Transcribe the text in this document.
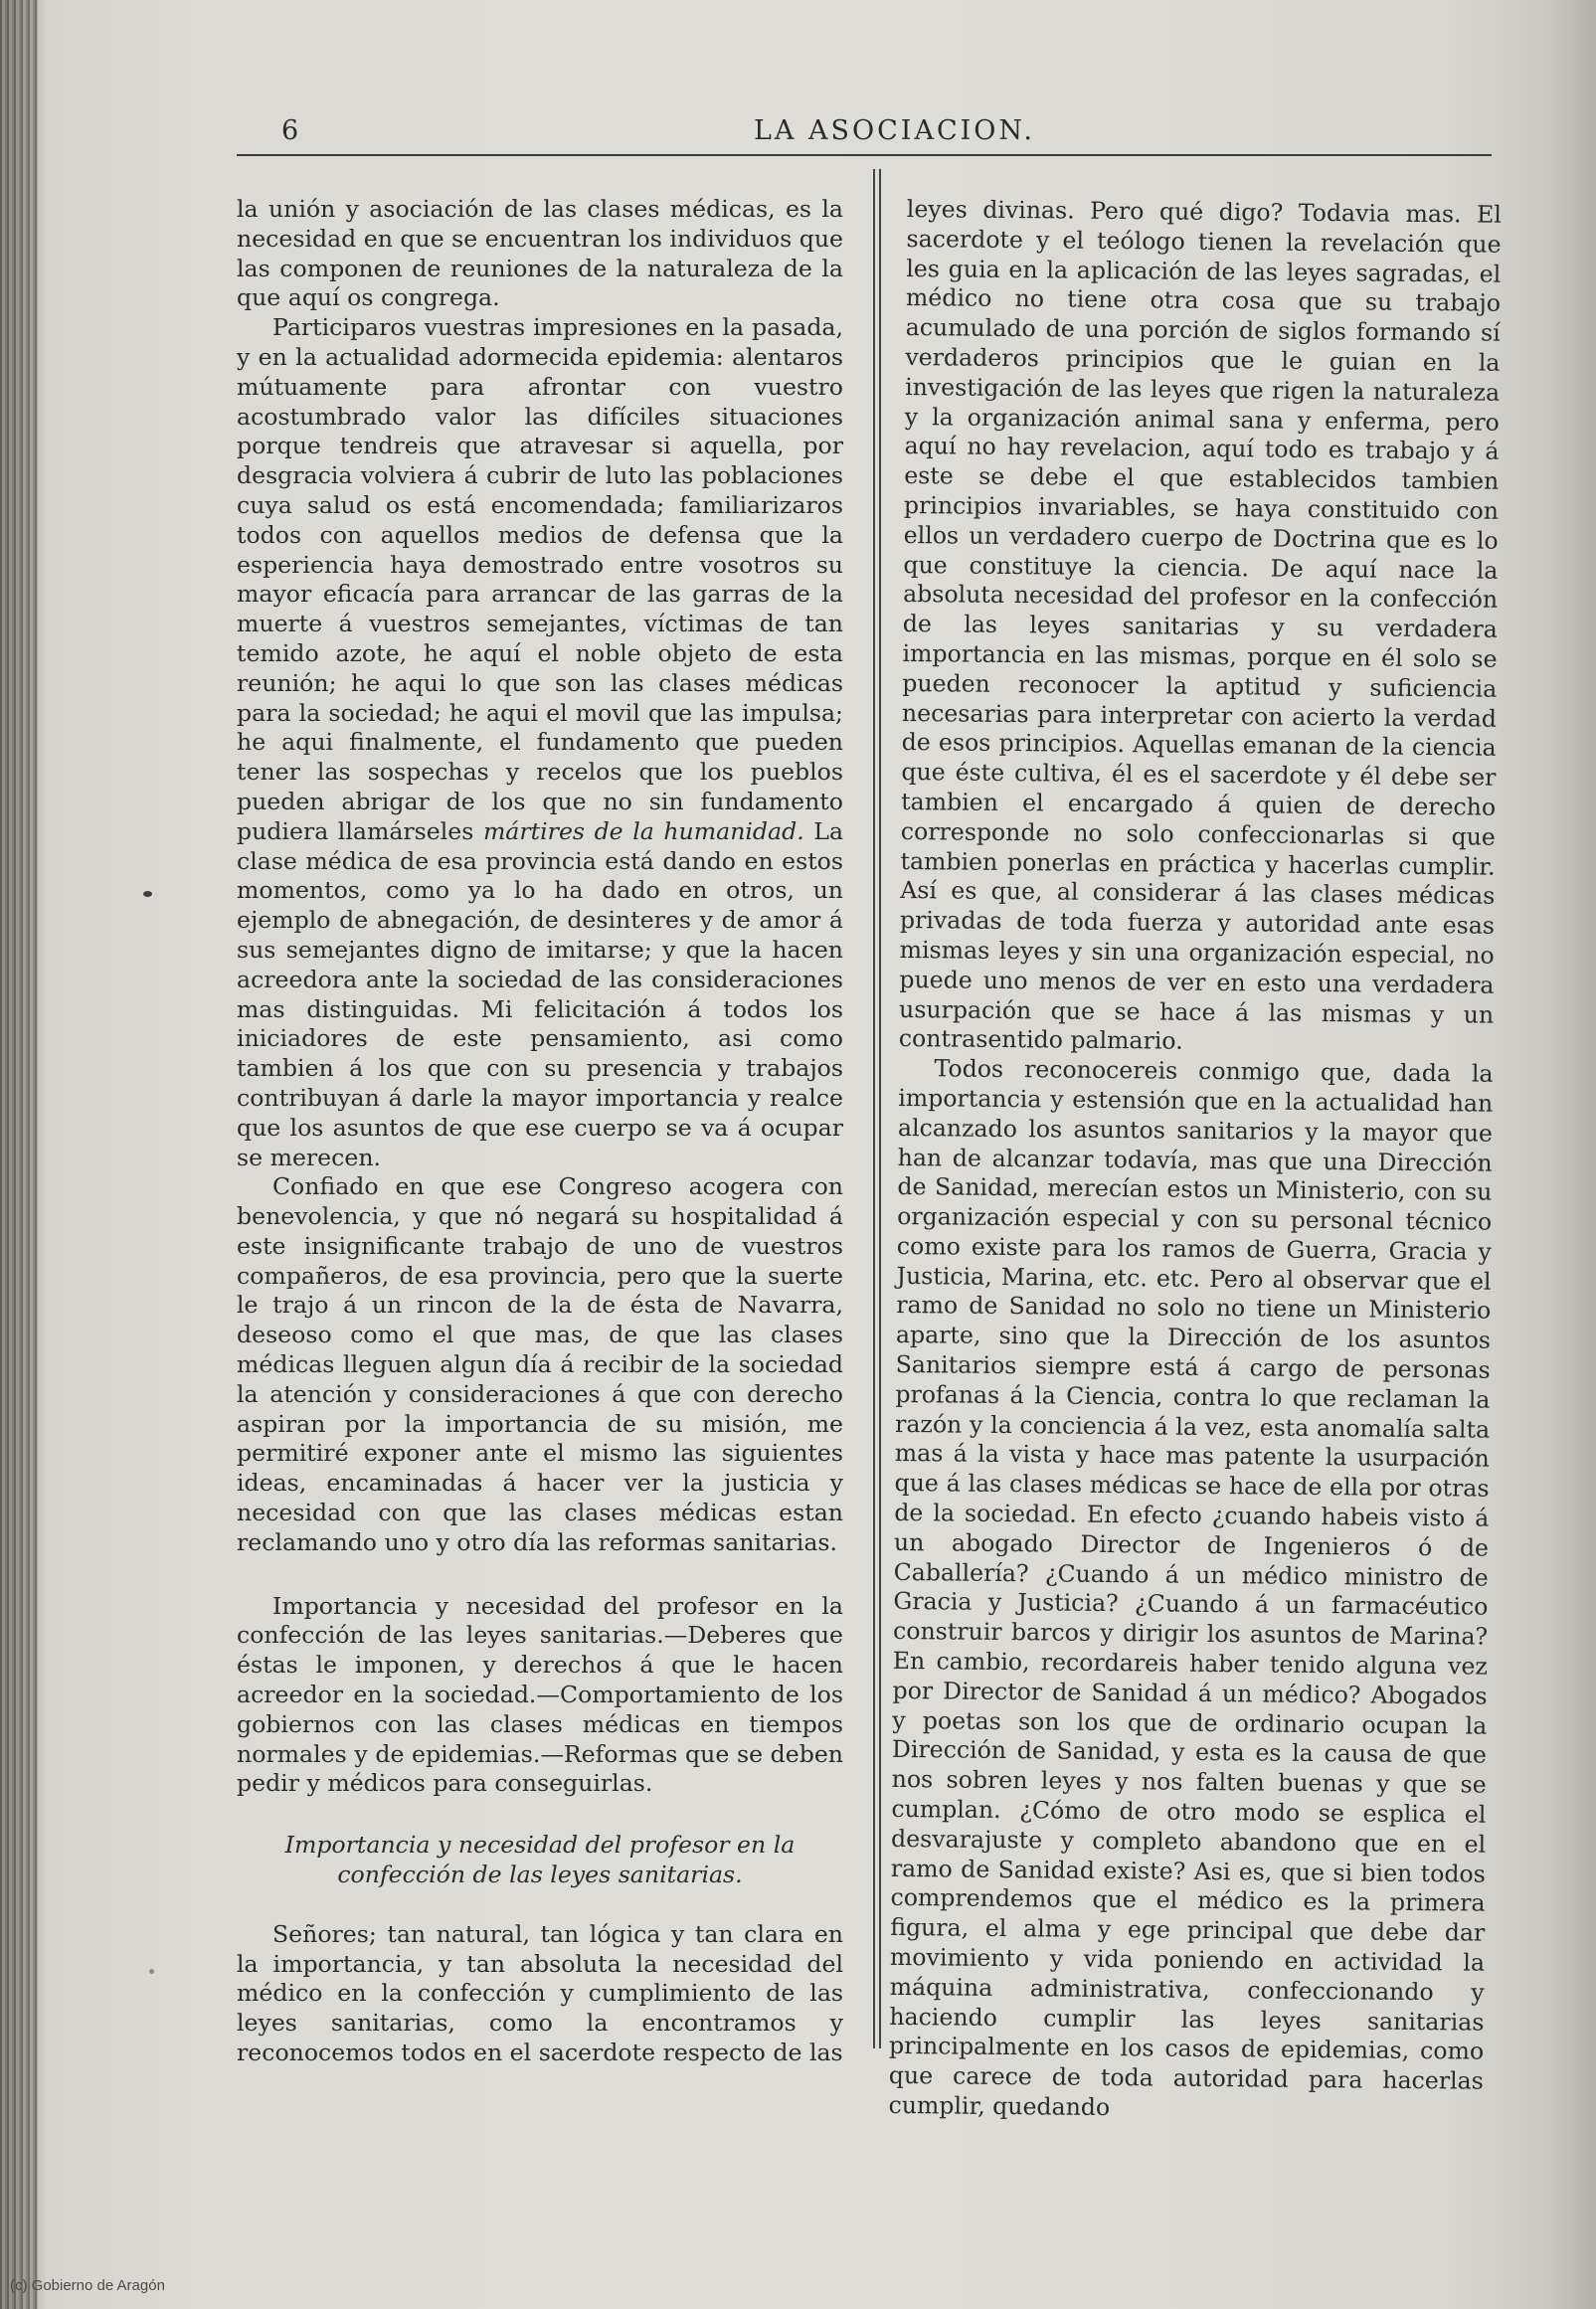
6	LA ASOCIACION.

la unión y asociación de las clases médicas, es la necesidad en que se encuentran los individuos que las componen de reuniones de la naturaleza de la que aquí os congrega.

Participaros vuestras impresiones en la pasada, y en la actualidad adormecida epidemia: alentaros mútuamente para afrontar con vuestro acostumbrado valor las difíciles situaciones porque tendreis que atravesar si aquella, por desgracia volviera á cubrir de luto las poblaciones cuya salud os está encomendada; familiarizaros todos con aquellos medios de defensa que la esperiencia haya demostrado entre vosotros su mayor eficacía para arrancar de las garras de la muerte á vuestros semejantes, víctimas de tan temido azote, he aquí el noble objeto de esta reunión; he aqui lo que son las clases médicas para la sociedad; he aqui el movil que las impulsa; he aqui finalmente, el fundamento que pueden tener las sospechas y recelos que los pueblos pueden abrigar de los que no sin fundamento pudiera llamárseles mártires de la humanidad. La clase médica de esa provincia está dando en estos momentos, como ya lo ha dado en otros, un ejemplo de abnegación, de desinteres y de amor á sus semejantes digno de imitarse; y que la hacen acreedora ante la sociedad de las consideraciones mas distinguidas. Mi felicitación á todos los iniciadores de este pensamiento, asi como tambien á los que con su presencia y trabajos contribuyan á darle la mayor importancia y realce que los asuntos de que ese cuerpo se va á ocupar se merecen.

Confiado en que ese Congreso acogera con benevolencia, y que nó negará su hospitalidad á este insignificante trabajo de uno de vuestros compañeros, de esa provincia, pero que la suerte le trajo á un rincon de la de ésta de Navarra, deseoso como el que mas, de que las clases médicas lleguen algun día á recibir de la sociedad la atención y consideraciones á que con derecho aspiran por la importancia de su misión, me permitiré exponer ante el mismo las siguientes ideas, encaminadas á hacer ver la justicia y necesidad con que las clases médicas estan reclamando uno y otro día las reformas sanitarias.

Importancia y necesidad del profesor en la confección de las leyes sanitarias.—Deberes que éstas le imponen, y derechos á que le hacen acreedor en la sociedad.—Comportamiento de los gobiernos con las clases médicas en tiempos normales y de epidemias.—Reformas que se deben pedir y médicos para conseguirlas.

Importancia y necesidad del profesor en la confección de las leyes sanitarias.

Señores; tan natural, tan lógica y tan clara en la importancia, y tan absoluta la necesidad del médico en la confección y cumplimiento de las leyes sanitarias, como la encontramos y reconocemos todos en el sacerdote respecto de las

leyes divinas. Pero qué digo? Todavia mas. El sacerdote y el teólogo tienen la revelación que les guia en la aplicación de las leyes sagradas, el médico no tiene otra cosa que su trabajo acumulado de una porción de siglos formando sí verdaderos principios que le guian en la investigación de las leyes que rigen la naturaleza y la organización animal sana y enferma, pero aquí no hay revelacion, aquí todo es trabajo y á este se debe el que establecidos tambien principios invariables, se haya constituido con ellos un verdadero cuerpo de Doctrina que es lo que constituye la ciencia. De aquí nace la absoluta necesidad del profesor en la confección de las leyes sanitarias y su verdadera importancia en las mismas, porque en él solo se pueden reconocer la aptitud y suficiencia necesarias para interpretar con acierto la verdad de esos principios. Aquellas emanan de la ciencia que éste cultiva, él es el sacerdote y él debe ser tambien el encargado á quien de derecho corresponde no solo confeccionarlas si que tambien ponerlas en práctica y hacerlas cumplir. Así es que, al considerar á las clases médicas privadas de toda fuerza y autoridad ante esas mismas leyes y sin una organización especial, no puede uno menos de ver en esto una verdadera usurpación que se hace á las mismas y un contrasentido palmario.

Todos reconocereis conmigo que, dada la importancia y estensión que en la actualidad han alcanzado los asuntos sanitarios y la mayor que han de alcanzar todavía, mas que una Dirección de Sanidad, merecían estos un Ministerio, con su organización especial y con su personal técnico como existe para los ramos de Guerra, Gracia y Justicia, Marina, etc. etc. Pero al observar que el ramo de Sanidad no solo no tiene un Ministerio aparte, sino que la Dirección de los asuntos Sanitarios siempre está á cargo de personas profanas á la Ciencia, contra lo que reclaman la razón y la conciencia á la vez, esta anomalía salta mas á la vista y hace mas patente la usurpación que á las clases médicas se hace de ella por otras de la sociedad. En efecto ¿cuando habeis visto á un abogado Director de Ingenieros ó de Caballería? ¿Cuando á un médico ministro de Gracia y Justicia? ¿Cuando á un farmacéutico construir barcos y dirigir los asuntos de Marina? En cambio, recordareis haber tenido alguna vez por Director de Sanidad á un médico? Abogados y poetas son los que de ordinario ocupan la Dirección de Sanidad, y esta es la causa de que nos sobren leyes y nos falten buenas y que se cumplan. ¿Cómo de otro modo se esplica el desvarajuste y completo abandono que en el ramo de Sanidad existe? Asi es, que si bien todos comprendemos que el médico es la primera figura, el alma y ege principal que debe dar movimiento y vida poniendo en actividad la máquina administrativa, confeccionando y haciendo cumplir las leyes sanitarias principalmente en los casos de epidemias, como que carece de toda autoridad para hacerlas cumplir, quedando

(c) Gobierno de Aragón
